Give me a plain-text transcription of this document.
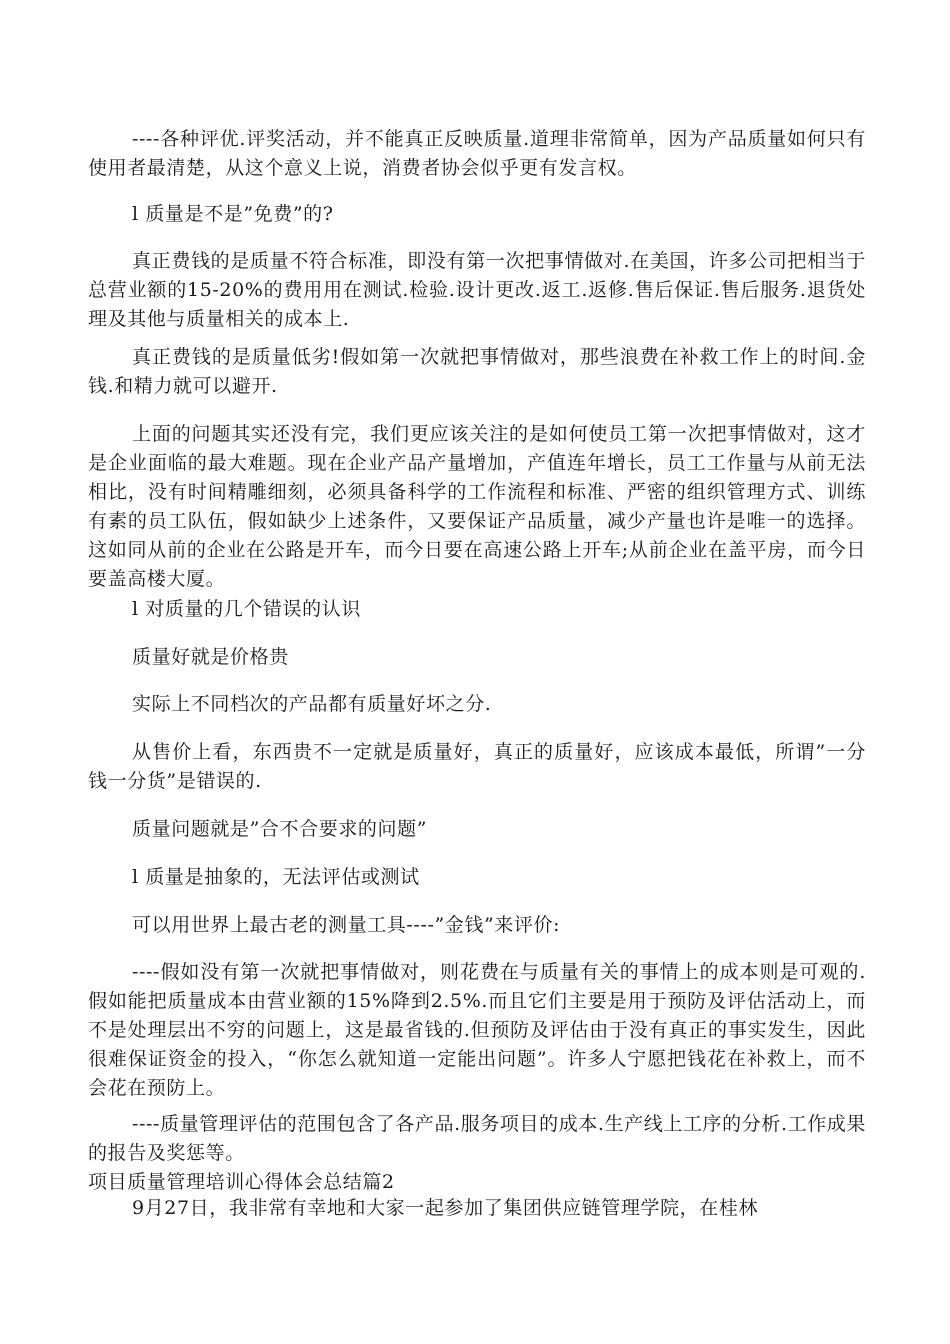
----各种评优.评奖活动，并不能真正反映质量.道理非常简单，因为产品质量如何只有使用者最清楚，从这个意义上说，消费者协会似乎更有发言权。

l 质量是不是”免费”的?

真正费钱的是质量不符合标准，即没有第一次把事情做对.在美国，许多公司把相当于总营业额的15-20%的费用用在测试.检验.设计更改.返工.返修.售后保证.售后服务.退货处理及其他与质量相关的成本上.

真正费钱的是质量低劣!假如第一次就把事情做对，那些浪费在补救工作上的时间.金钱.和精力就可以避开.

上面的问题其实还没有完，我们更应该关注的是如何使员工第一次把事情做对，这才是企业面临的最大难题。现在企业产品产量增加，产值连年增长，员工工作量与从前无法相比，没有时间精雕细刻，必须具备科学的工作流程和标准、严密的组织管理方式、训练有素的员工队伍，假如缺少上述条件，又要保证产品质量，减少产量也许是唯一的选择。这如同从前的企业在公路是开车，而今日要在高速公路上开车;从前企业在盖平房，而今日要盖高楼大厦。

l 对质量的几个错误的认识

质量好就是价格贵

实际上不同档次的产品都有质量好坏之分.

从售价上看，东西贵不一定就是质量好，真正的质量好，应该成本最低，所谓”一分钱一分货”是错误的.

质量问题就是”合不合要求的问题”

l 质量是抽象的，无法评估或测试

可以用世界上最古老的测量工具----”金钱”来评价:

----假如没有第一次就把事情做对，则花费在与质量有关的事情上的成本则是可观的.假如能把质量成本由营业额的15%降到2.5%.而且它们主要是用于预防及评估活动上，而不是处理层出不穷的问题上，这是最省钱的.但预防及评估由于没有真正的事实发生，因此很难保证资金的投入，“你怎么就知道一定能出问题”。许多人宁愿把钱花在补救上，而不会花在预防上。

----质量管理评估的范围包含了各产品.服务项目的成本.生产线上工序的分析.工作成果的报告及奖惩等。

项目质量管理培训心得体会总结篇2

9月27日，我非常有幸地和大家一起参加了集团供应链管理学院，在桂林
